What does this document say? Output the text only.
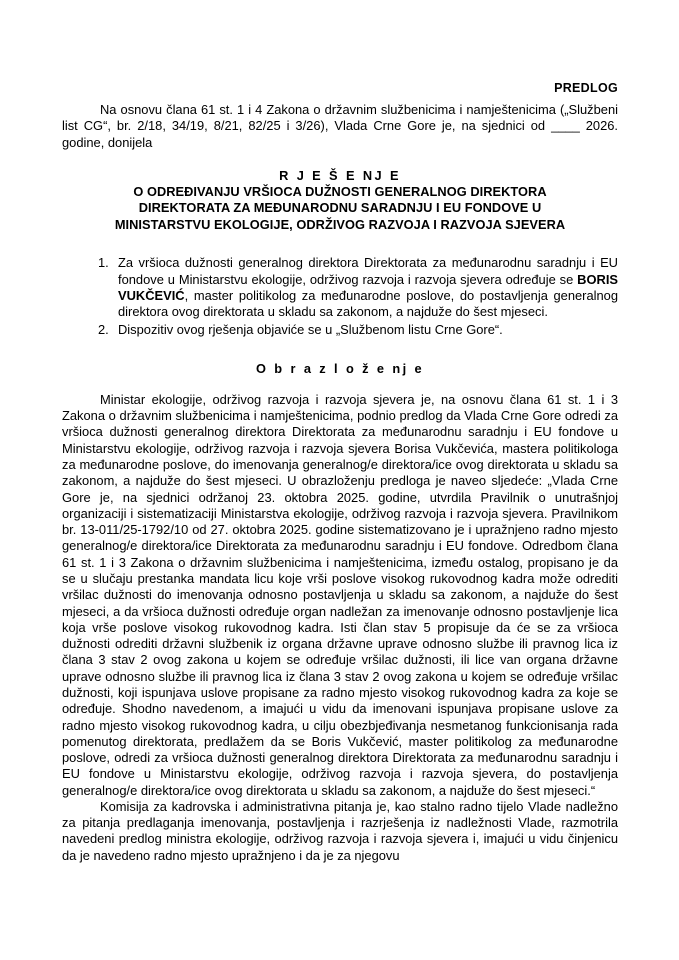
PREDLOG

Na osnovu člana 61 st. 1 i 4 Zakona o državnim službenicima i namještenicima („Službeni list CG“, br. 2/18, 34/19, 8/21, 82/25 i 3/26), Vlada Crne Gore je, na sjednici od ____ 2026. godine, donijela

R J E Š E NJ E
O ODREĐIVANJU VRŠIOCA DUŽNOSTI GENERALNOG DIREKTORA
DIREKTORATA ZA MEĐUNARODNU SARADNJU I EU FONDOVE U
MINISTARSTVU EKOLOGIJE, ODRŽIVOG RAZVOJA I RAZVOJA SJEVERA
Za vršioca dužnosti generalnog direktora Direktorata za međunarodnu saradnju i EU fondove u Ministarstvu ekologije, održivog razvoja i razvoja sjevera određuje se BORIS VUKČEVIĆ, master politikolog za međunarodne poslove, do postavljenja generalnog direktora ovog direktorata u skladu sa zakonom, a najduže do šest mjeseci.
Dispozitiv ovog rješenja objaviće se u „Službenom listu Crne Gore“.
O b r a z l o ž e nj e

Ministar ekologije, održivog razvoja i razvoja sjevera je, na osnovu člana 61 st. 1 i 3 Zakona o državnim službenicima i namještenicima, podnio predlog da Vlada Crne Gore odredi za vršioca dužnosti generalnog direktora Direktorata za međunarodnu saradnju i EU fondove u Ministarstvu ekologije, održivog razvoja i razvoja sjevera Borisa Vukčevića, mastera politikologa za međunarodne poslove, do imenovanja generalnog/e direktora/ice ovog direktorata u skladu sa zakonom, a najduže do šest mjeseci. U obrazloženju predloga je naveo sljedeće: „Vlada Crne Gore je, na sjednici održanoj 23. oktobra 2025. godine, utvrdila Pravilnik o unutrašnjoj organizaciji i sistematizaciji Ministarstva ekologije, održivog razvoja i razvoja sjevera. Pravilnikom br. 13-011/25-1792/10 od 27. oktobra 2025. godine sistematizovano je i upražnjeno radno mjesto generalnog/e direktora/ice Direktorata za međunarodnu saradnju i EU fondove. Odredbom člana 61 st. 1 i 3 Zakona o državnim službenicima i namještenicima, između ostalog, propisano je da se u slučaju prestanka mandata licu koje vrši poslove visokog rukovodnog kadra može odrediti vršilac dužnosti do imenovanja odnosno postavljenja u skladu sa zakonom, a najduže do šest mjeseci, a da vršioca dužnosti određuje organ nadležan za imenovanje odnosno postavljenje lica koja vrše poslove visokog rukovodnog kadra. Isti član stav 5 propisuje da će se za vršioca dužnosti odrediti državni službenik iz organa državne uprave odnosno službe ili pravnog lica iz člana 3 stav 2 ovog zakona u kojem se određuje vršilac dužnosti, ili lice van organa državne uprave odnosno službe ili pravnog lica iz člana 3 stav 2 ovog zakona u kojem se određuje vršilac dužnosti, koji ispunjava uslove propisane za radno mjesto visokog rukovodnog kadra za koje se određuje. Shodno navedenom, a imajući u vidu da imenovani ispunjava propisane uslove za radno mjesto visokog rukovodnog kadra, u cilju obezbjeđivanja nesmetanog funkcionisanja rada pomenutog direktorata, predlažem da se Boris Vukčević, master politikolog za međunarodne poslove, odredi za vršioca dužnosti generalnog direktora Direktorata za međunarodnu saradnju i EU fondove u Ministarstvu ekologije, održivog razvoja i razvoja sjevera, do postavljenja generalnog/e direktora/ice ovog direktorata u skladu sa zakonom, a najduže do šest mjeseci.“

Komisija za kadrovska i administrativna pitanja je, kao stalno radno tijelo Vlade nadležno za pitanja predlaganja imenovanja, postavljenja i razrješenja iz nadležnosti Vlade, razmotrila navedeni predlog ministra ekologije, održivog razvoja i razvoja sjevera i, imajući u vidu činjenicu da je navedeno radno mjesto upražnjeno i da je za njegovu
